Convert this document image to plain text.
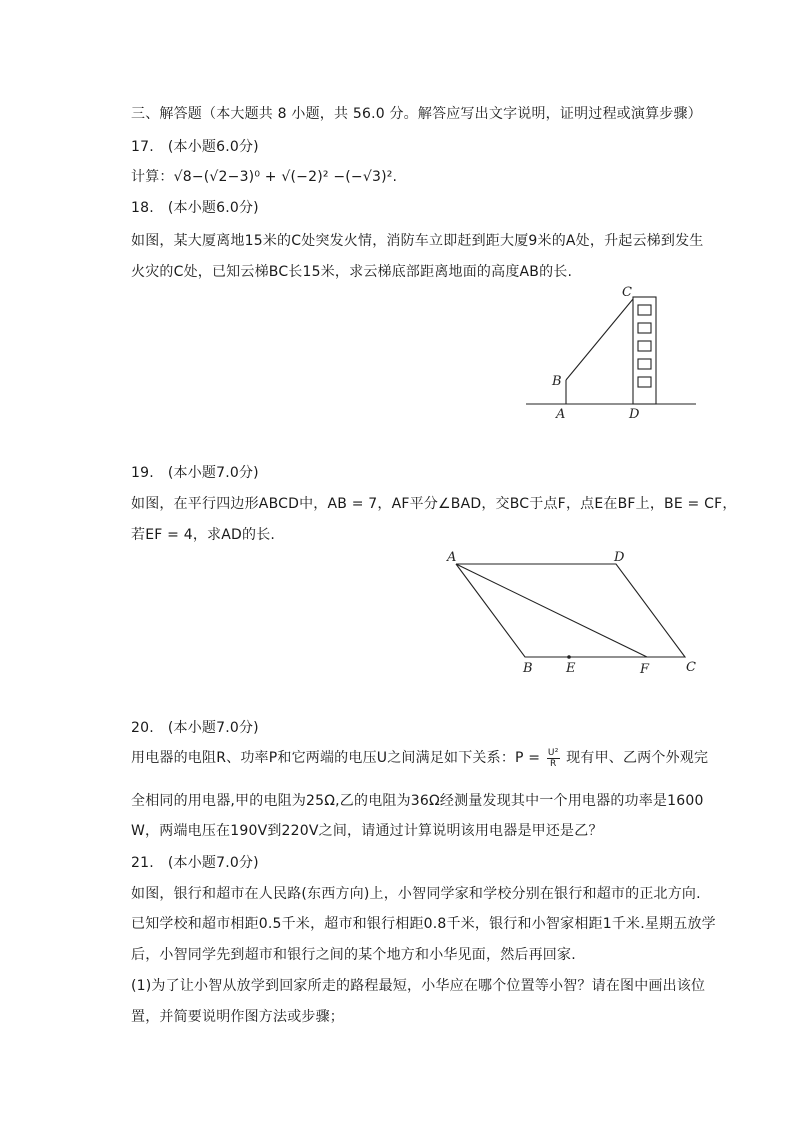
三、解答题（本大题共 8 小题，共 56.0 分。解答应写出文字说明，证明过程或演算步骤）
17. (本小题6.0分)
计算：√8−(√2−3)⁰ + √(−2)² −(−√3)².
18. (本小题6.0分)
如图，某大厦离地15米的C处突发火情，消防车立即赶到距大厦9米的A处，升起云梯到发生
火灾的C处，已知云梯BC长15米，求云梯底部距离地面的高度AB的长.
C
B
A	D
19. (本小题7.0分)
如图，在平行四边形ABCD中，AB = 7，AF平分∠BAD，交BC于点F，点E在BF上，BE = CF，
若EF = 4，求AD的长.
A	D
B	E	F	C
20. (本小题7.0分)
用电器的电阻R、功率P和它两端的电压U之间满足如下关系：$P = \frac{\text{U²}}{R}$ 现有甲、乙两个外观完
全相同的用电器,甲的电阻为25Ω,乙的电阻为36Ω经测量发现其中一个用电器的功率是1600
W，两端电压在190V到220V之间，请通过计算说明该用电器是甲还是乙？
21. (本小题7.0分)
如图，银行和超市在人民路(东西方向)上，小智同学家和学校分别在银行和超市的正北方向.
已知学校和超市相距0.5千米，超市和银行相距0.8千米，银行和小智家相距1千米.星期五放学
后，小智同学先到超市和银行之间的某个地方和小华见面，然后再回家.
(1)为了让小智从放学到回家所走的路程最短，小华应在哪个位置等小智？请在图中画出该位
置，并简要说明作图方法或步骤；
